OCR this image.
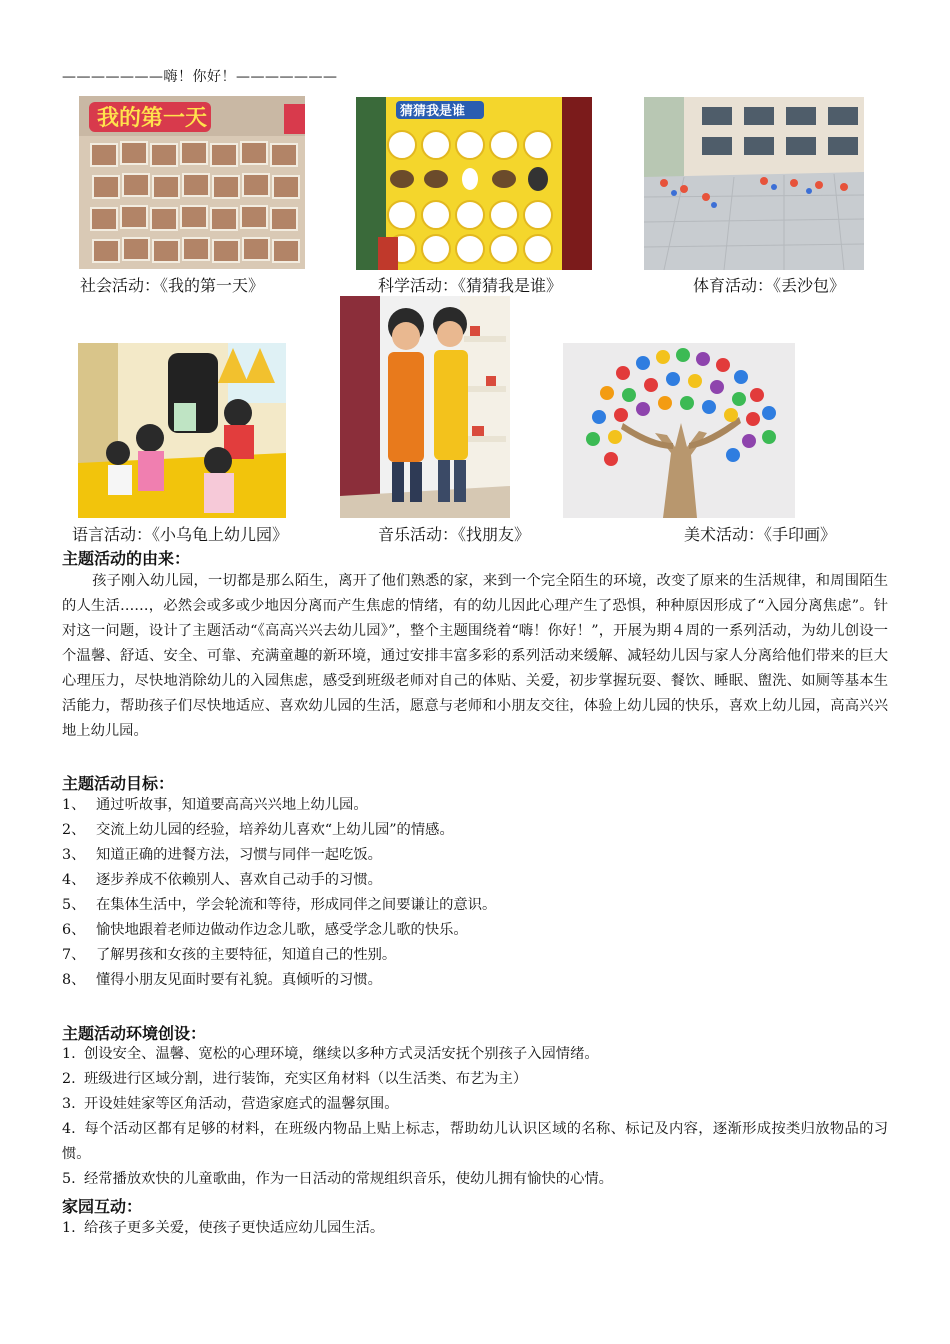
———————嗨！你好！———————
我的第一天	猜猜我是谁
社会活动：《我的第一天》	科学活动：《猜猜我是谁》	体育活动：《丢沙包》
语言活动：《小乌龟上幼儿园》	音乐活动：《找朋友》	美术活动：《手印画》
主题活动的由来：
孩子刚入幼儿园，一切都是那么陌生，离开了他们熟悉的家，来到一个完全陌生的环境，改变了原来的生活规律，和周围陌生的人生活……，必然会或多或少地因分离而产生焦虑的情绪，有的幼儿因此心理产生了恐惧，种种原因形成了“入园分离焦虑”。针对这一问题，设计了主题活动“《高高兴兴去幼儿园》”，整个主题围绕着“嗨！你好！”，开展为期４周的一系列活动，为幼儿创设一个温馨、舒适、安全、可靠、充满童趣的新环境，通过安排丰富多彩的系列活动来缓解、减轻幼儿因与家人分离给他们带来的巨大心理压力，尽快地消除幼儿的入园焦虑，感受到班级老师对自己的体贴、关爱，初步掌握玩耍、餐饮、睡眠、盥洗、如厕等基本生活能力，帮助孩子们尽快地适应、喜欢幼儿园的生活，愿意与老师和小朋友交往，体验上幼儿园的快乐，喜欢上幼儿园，高高兴兴地上幼儿园。
主题活动目标：
1、 通过听故事，知道要高高兴兴地上幼儿园。
2、 交流上幼儿园的经验，培养幼儿喜欢“上幼儿园”的情感。
3、 知道正确的进餐方法，习惯与同伴一起吃饭。
4、 逐步养成不依赖别人、喜欢自己动手的习惯。
5、 在集体生活中，学会轮流和等待，形成同伴之间要谦让的意识。
6、 愉快地跟着老师边做动作边念儿歌，感受学念儿歌的快乐。
7、 了解男孩和女孩的主要特征，知道自己的性别。
8、 懂得小朋友见面时要有礼貌。真倾听的习惯。
主题活动环境创设：
1. 创设安全、温馨、宽松的心理环境，继续以多种方式灵活安抚个别孩子入园情绪。
2. 班级进行区域分割，进行装饰，充实区角材料（以生活类、布艺为主）
3. 开设娃娃家等区角活动，营造家庭式的温馨氛围。
4. 每个活动区都有足够的材料，在班级内物品上贴上标志，帮助幼儿认识区域的名称、标记及内容，逐渐形成按类归放物品的习惯。
5. 经常播放欢快的儿童歌曲，作为一日活动的常规组织音乐，使幼儿拥有愉快的心情。
家园互动：
1. 给孩子更多关爱，使孩子更快适应幼儿园生活。
